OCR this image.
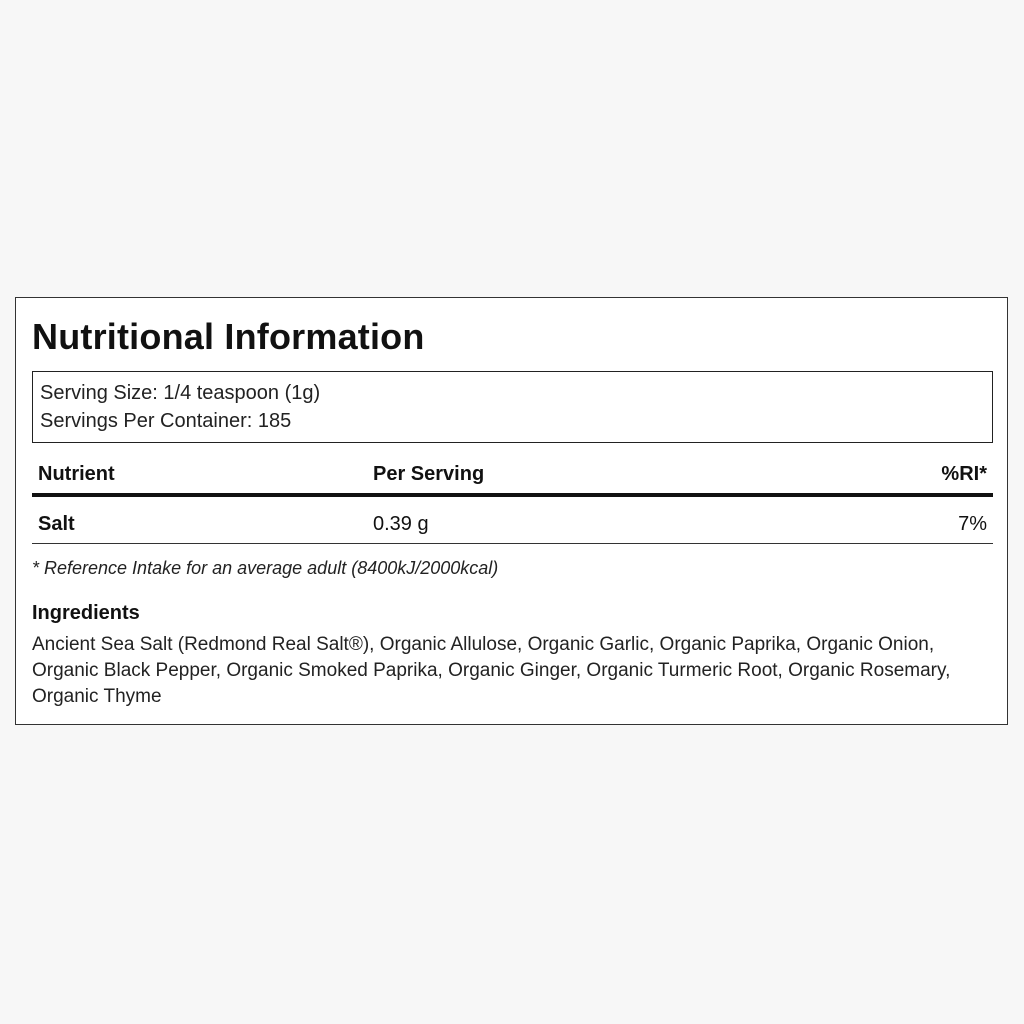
Nutritional Information
Serving Size: 1/4 teaspoon (1g)
Servings Per Container: 185
Nutrient	Per Serving	%RI*
Salt	0.39 g	7%
* Reference Intake for an average adult (8400kJ/2000kcal)
Ingredients

Ancient Sea Salt (Redmond Real Salt®), Organic Allulose, Organic Garlic, Organic Paprika, Organic Onion, Organic Black Pepper, Organic Smoked Paprika, Organic Ginger, Organic Turmeric Root, Organic Rosemary, Organic Thyme
